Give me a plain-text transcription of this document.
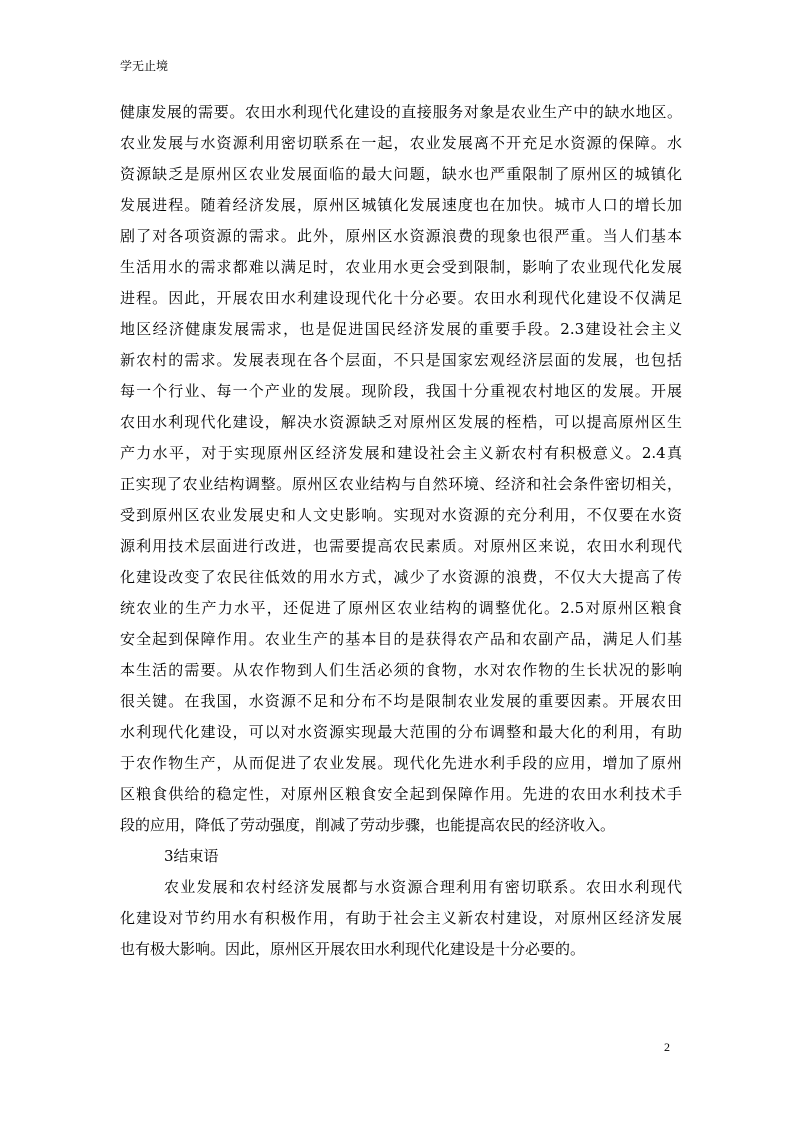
学无止境
健康发展的需要。农田水利现代化建设的直接服务对象是农业生产中的缺水地区。
农业发展与水资源利用密切联系在一起，农业发展离不开充足水资源的保障。水
资源缺乏是原州区农业发展面临的最大问题，缺水也严重限制了原州区的城镇化
发展进程。随着经济发展，原州区城镇化发展速度也在加快。城市人口的增长加
剧了对各项资源的需求。此外，原州区水资源浪费的现象也很严重。当人们基本
生活用水的需求都难以满足时，农业用水更会受到限制，影响了农业现代化发展
进程。因此，开展农田水利建设现代化十分必要。农田水利现代化建设不仅满足
地区经济健康发展需求，也是促进国民经济发展的重要手段。2.3建设社会主义
新农村的需求。发展表现在各个层面，不只是国家宏观经济层面的发展，也包括
每一个行业、每一个产业的发展。现阶段，我国十分重视农村地区的发展。开展
农田水利现代化建设，解决水资源缺乏对原州区发展的桎梏，可以提高原州区生
产力水平，对于实现原州区经济发展和建设社会主义新农村有积极意义。2.4真
正实现了农业结构调整。原州区农业结构与自然环境、经济和社会条件密切相关，
受到原州区农业发展史和人文史影响。实现对水资源的充分利用，不仅要在水资
源利用技术层面进行改进，也需要提高农民素质。对原州区来说，农田水利现代
化建设改变了农民往低效的用水方式，减少了水资源的浪费，不仅大大提高了传
统农业的生产力水平，还促进了原州区农业结构的调整优化。2.5对原州区粮食
安全起到保障作用。农业生产的基本目的是获得农产品和农副产品，满足人们基
本生活的需要。从农作物到人们生活必须的食物，水对农作物的生长状况的影响
很关键。在我国，水资源不足和分布不均是限制农业发展的重要因素。开展农田
水利现代化建设，可以对水资源实现最大范围的分布调整和最大化的利用，有助
于农作物生产，从而促进了农业发展。现代化先进水利手段的应用，增加了原州
区粮食供给的稳定性，对原州区粮食安全起到保障作用。先进的农田水利技术手
段的应用，降低了劳动强度，削减了劳动步骤，也能提高农民的经济收入。
3结束语
农业发展和农村经济发展都与水资源合理利用有密切联系。农田水利现代
化建设对节约用水有积极作用，有助于社会主义新农村建设，对原州区经济发展
也有极大影响。因此，原州区开展农田水利现代化建设是十分必要的。
2
